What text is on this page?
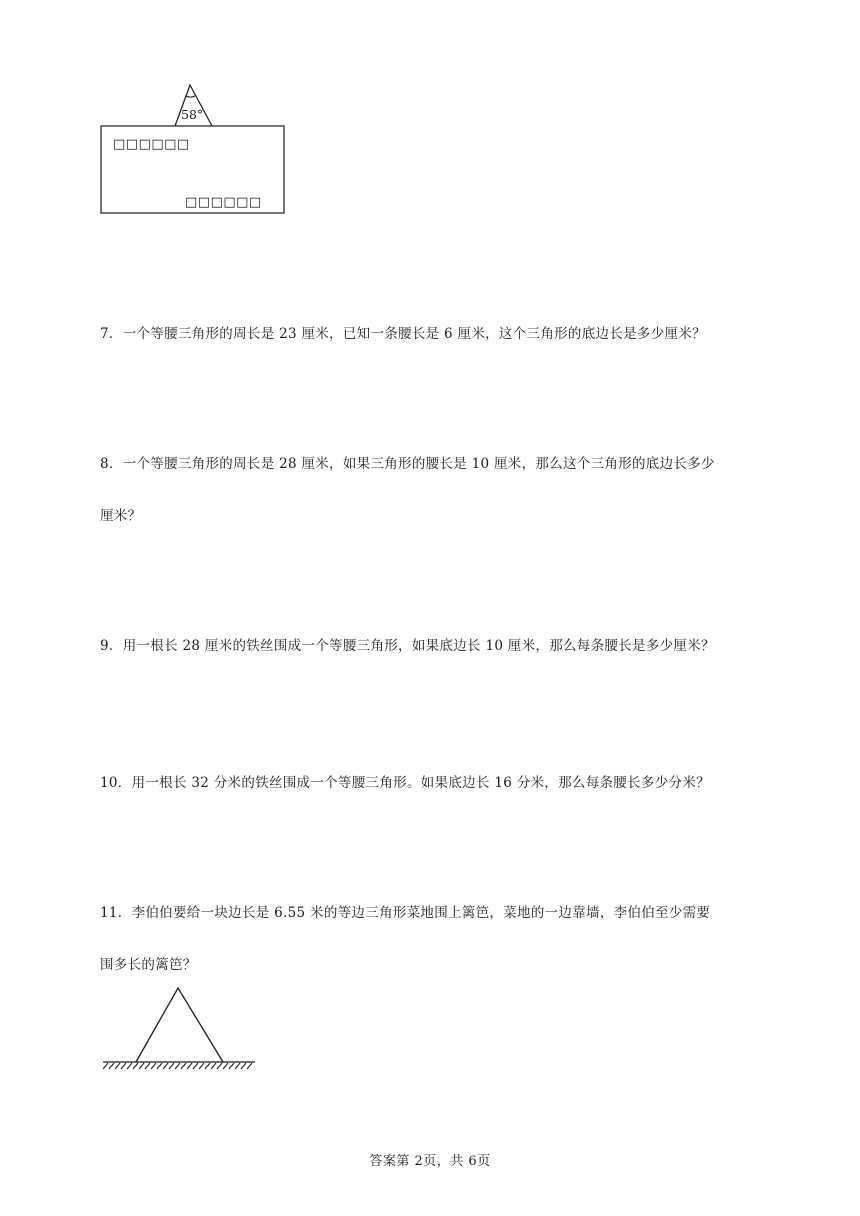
58°
□□□□□□
□□□□□□
7．一个等腰三角形的周长是 23 厘米，已知一条腰长是 6 厘米，这个三角形的底边长是多少厘米？
8．一个等腰三角形的周长是 28 厘米，如果三角形的腰长是 10 厘米，那么这个三角形的底边长多少
厘米？
9．用一根长 28 厘米的铁丝围成一个等腰三角形，如果底边长 10 厘米，那么每条腰长是多少厘米？
10．用一根长 32 分米的铁丝围成一个等腰三角形。如果底边长 16 分米，那么每条腰长多少分米？
11．李伯伯要给一块边长是 6.55 米的等边三角形菜地围上篱笆，菜地的一边靠墙，李伯伯至少需要
围多长的篱笆？
答案第 2页，共 6页
